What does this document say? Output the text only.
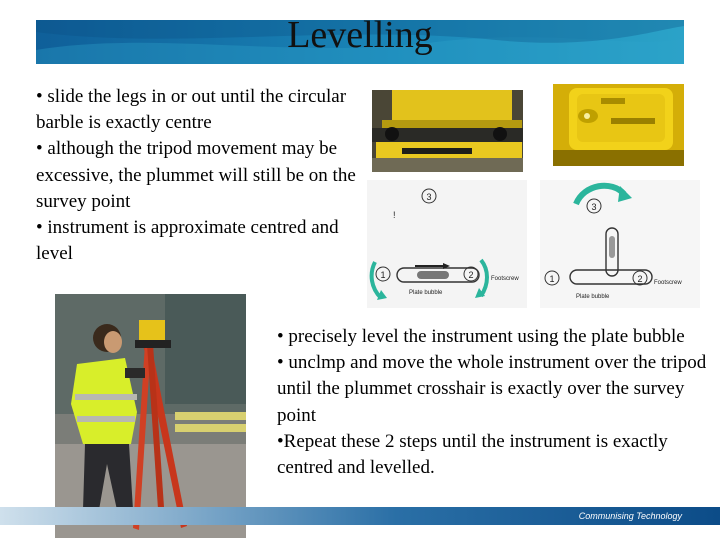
Levelling

• slide the legs in or out until the circular barble is exactly centre

• although the tripod movement may be excessive, the plummet will still be on the survey point

• instrument is approximate centred and level

3
!
1	2
Plate bubble
Footscrew
3
1	2
Plate bubble
Footscrew
Communising Technology

• precisely level the instrument using the plate bubble

• unclmp and move the whole instrument over the tripod until the plummet crosshair is exactly over the survey point

•Repeat these 2 steps until the instrument is exactly centred and levelled.
